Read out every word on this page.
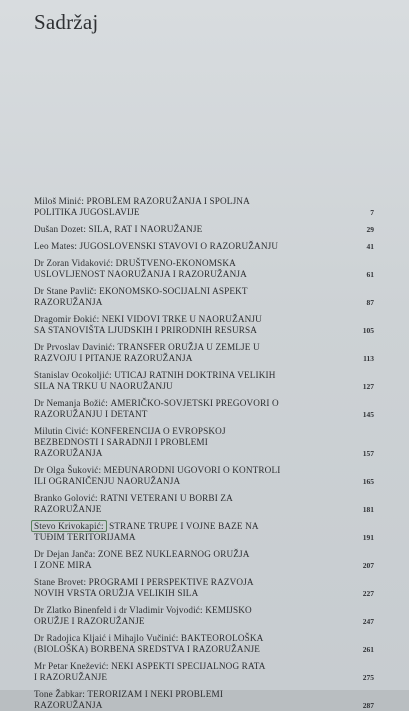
Sadržaj
Miloš Minić: PROBLEM RAZORUŽANJA I SPOLJNA
POLITIKA JUGOSLAVIJE	7
Dušan Dozet: SILA, RAT I NAORUŽANJE	29
Leo Mates: JUGOSLOVENSKI STAVOVI O RAZORUŽANJU	41
Dr Zoran Vidaković: DRUŠTVENO-EKONOMSKA
USLOVLJENOST NAORUŽANJA I RAZORUŽANJA	61
Dr Stane Pavlič: EKONOMSKO-SOCIJALNI ASPEKT
RAZORUŽANJA	87
Dragomir Đokić: NEKI VIDOVI TRKE U NAORUŽANJU
SA STANOVIŠTA LJUDSKIH I PRIRODNIH RESURSA	105
Dr Prvoslav Davinić: TRANSFER ORUŽJA U ZEMLJE U
RAZVOJU I PITANJE RAZORUŽANJA	113
Stanislav Ocokoljić: UTICAJ RATNIH DOKTRINA VELIKIH
SILA NA TRKU U NAORUŽANJU	127
Dr Nemanja Božić: AMERIČKO-SOVJETSKI PREGOVORI O
RAZORUŽANJU I DETANT	145
Milutin Civić: KONFERENCIJA O EVROPSKOJ
BEZBEDNOSTI I SARADNJI I PROBLEMI
RAZORUŽANJA	157
Dr Olga Šuković: MEĐUNARODNI UGOVORI O KONTROLI
ILI OGRANIČENJU NAORUŽANJA	165
Branko Golović: RATNI VETERANI U BORBI ZA
RAZORUŽANJE	181
Stevo Krivokapić: STRANE TRUPE I VOJNE BAZE NA
TUĐIM TERITORIJAMA	191
Dr Dejan Janča: ZONE BEZ NUKLEARNOG ORUŽJA
I ZONE MIRA	207
Stane Brovet: PROGRAMI I PERSPEKTIVE RAZVOJA
NOVIH VRSTA ORUŽJA VELIKIH SILA	227
Dr Zlatko Binenfeld i dr Vladimir Vojvodić: KEMIJSKO
ORUŽJE I RAZORUŽANJE	247
Dr Radojica Kljaić i Mihajlo Vučinić: BAKTEOROLOŠKA
(BIOLOŠKA) BORBENA SREDSTVA I RAZORUŽANJE	261
Mr Petar Knežević: NEKI ASPEKTI SPECIJALNOG RATA
I RAZORUŽANJE	275
Tone Žabkar: TERORIZAM I NEKI PROBLEMI
RAZORUŽANJA	287
